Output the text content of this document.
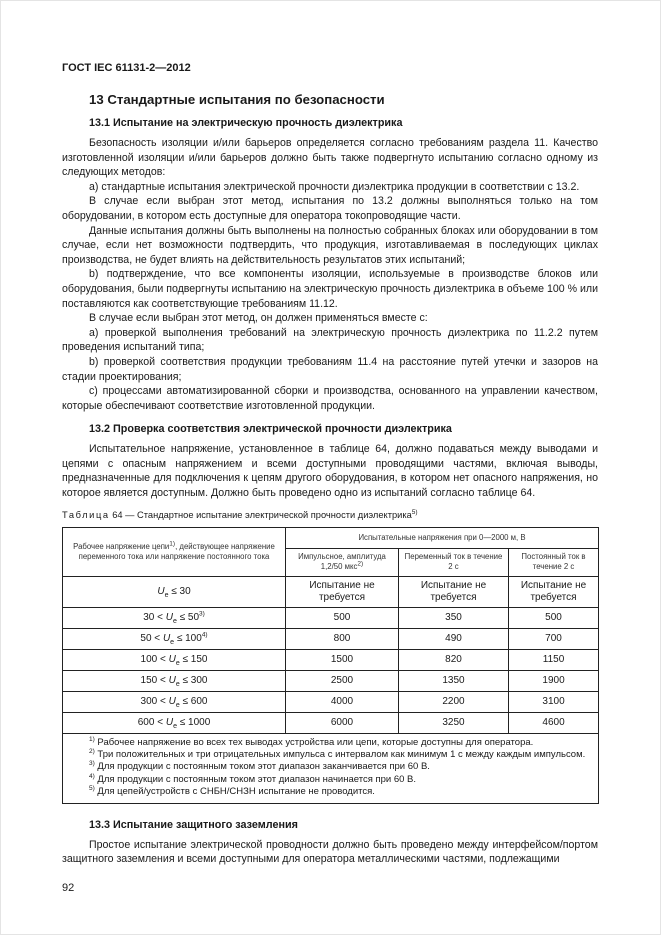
ГОСТ IEC 61131-2—2012
13 Стандартные испытания по безопасности
13.1 Испытание на электрическую прочность диэлектрика

Безопасность изоляции и/или барьеров определяется согласно требованиям раздела 11. Качество изготовленной изоляции и/или барьеров должно быть также подвергнуто испытанию согласно одному из следующих методов:

a) стандартные испытания электрической прочности диэлектрика продукции в соответствии с 13.2.

В случае если выбран этот метод, испытания по 13.2 должны выполняться только на том оборудовании, в котором есть доступные для оператора токопроводящие части.

Данные испытания должны быть выполнены на полностью собранных блоках или оборудовании в том случае, если нет возможности подтвердить, что продукция, изготавливаемая в последующих циклах производства, не будет влиять на действительность результатов этих испытаний;

b) подтверждение, что все компоненты изоляции, используемые в производстве блоков или оборудования, были подвергнуты испытанию на электрическую прочность диэлектрика в объеме 100 % или поставляются как соответствующие требованиям 11.12.

В случае если выбран этот метод, он должен применяться вместе с:

a) проверкой выполнения требований на электрическую прочность диэлектрика по 11.2.2 путем проведения испытаний типа;

b) проверкой соответствия продукции требованиям 11.4 на расстояние путей утечки и зазоров на стадии проектирования;

c) процессами автоматизированной сборки и производства, основанного на управлении качеством, которые обеспечивают соответствие изготовленной продукции.

13.2 Проверка соответствия электрической прочности диэлектрика

Испытательное напряжение, установленное в таблице 64, должно подаваться между выводами и цепями с опасным напряжением и всеми доступными проводящими частями, включая выводы, предназначенные для подключения к цепям другого оборудования, в котором нет опасного напряжения, но которое является доступным. Должно быть проведено одно из испытаний согласно таблице 64.

Таблица 64 — Стандартное испытание электрической прочности диэлектрика$^{5)}$
Рабочее напряжение цепи$^{1)}$, действующее напряжение переменного тока или напряжение постоянного тока	Испытательные напряжения при 0—2000 м, В		
	Импульсное, амплитуда 1,2/50 мкс$^{2)}$	Переменный ток в течение 2 с	Постоянный ток в течение 2 с
$U_e \le 30$	Испытание не требуется	Испытание не требуется	Испытание не требуется
$30 < U_e \le 50^{3)}$	500	350	500
$50 < U_e \le 100^{4)}$	800	490	700
$100 < U_e \le 150$	1500	820	1150
$150 < U_e \le 300$	2500	1350	1900
$300 < U_e \le 600$	4000	2200	3100
$600 < U_e \le 1000$	6000	3250	4600

$^{1)}$ Рабочее напряжение во всех тех выводах устройства или цепи, которые доступны для оператора.
$^{2)}$ Три положительных и три отрицательных импульса с интервалом как минимум 1 с между каждым импульсом.
$^{3)}$ Для продукции с постоянным током этот диапазон заканчивается при 60 В.
$^{4)}$ Для продукции с постоянным током этот диапазон начинается при 60 В.
$^{5)}$ Для цепей/устройств с СНБН/СНЗН испытание не проводится.			
13.3 Испытание защитного заземления

Простое испытание электрической проводности должно быть проведено между интерфейсом/портом защитного заземления и всеми доступными для оператора металлическими частями, подлежащими

92
